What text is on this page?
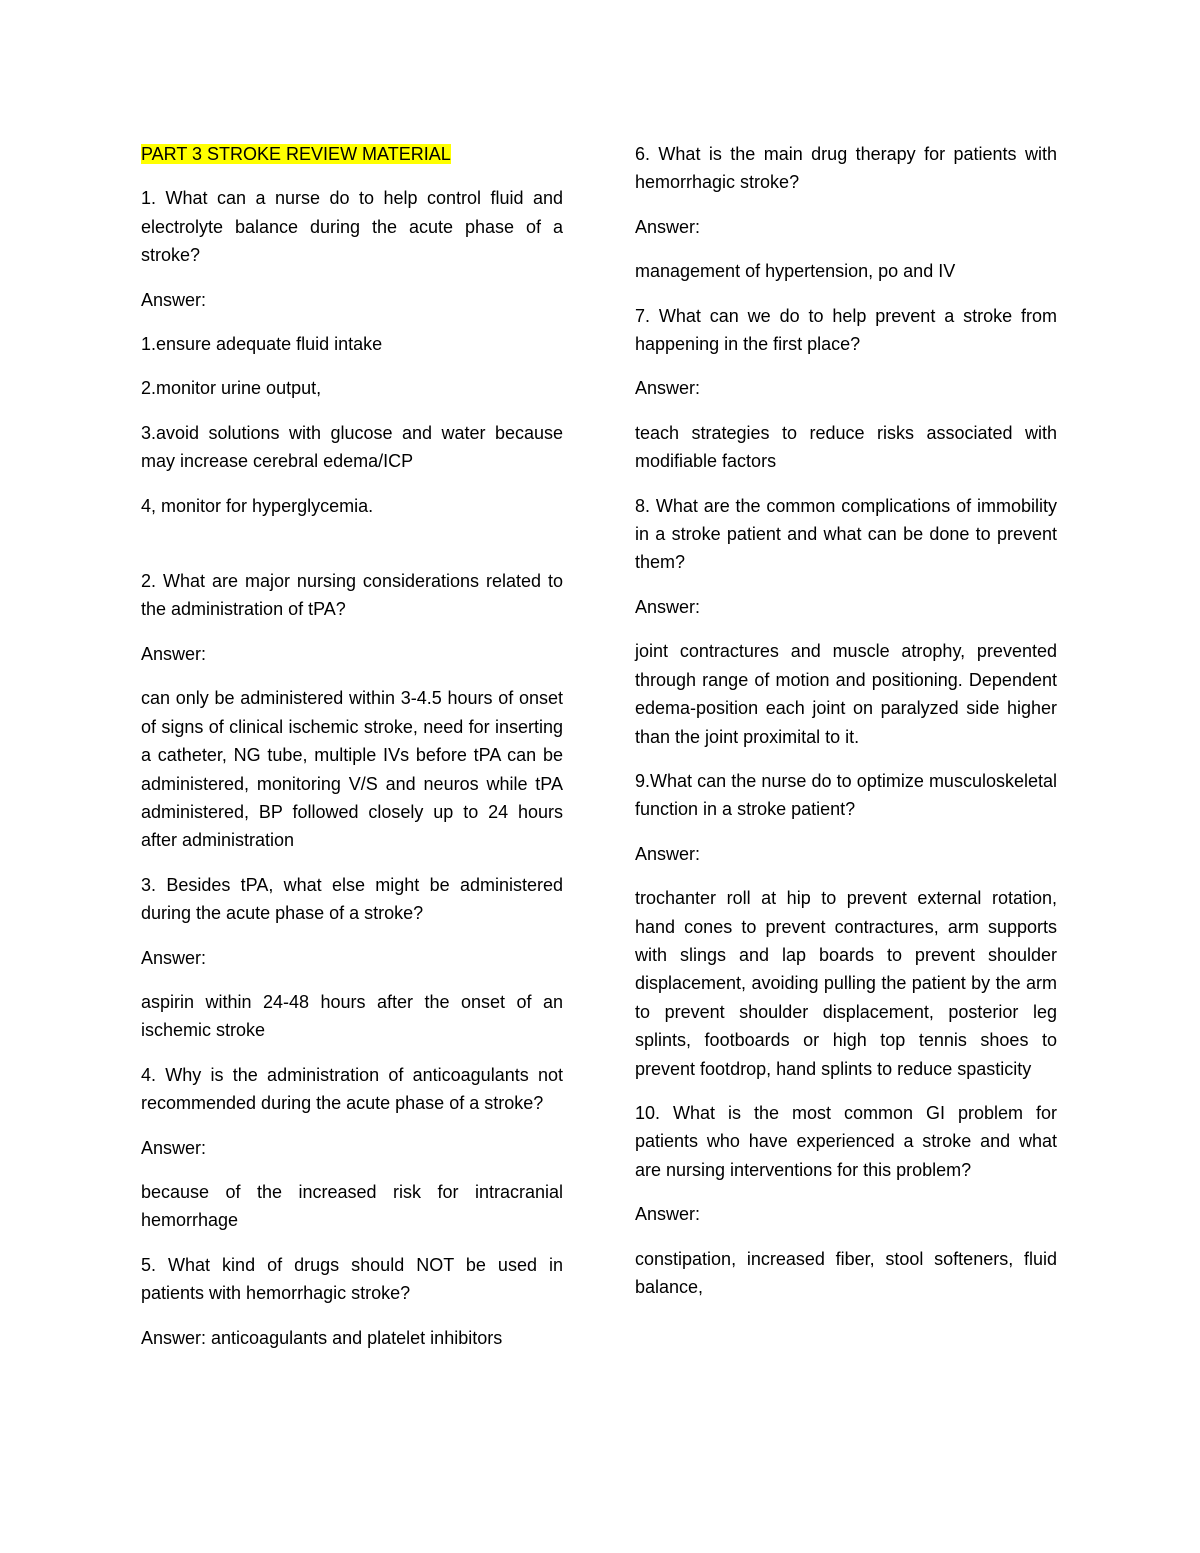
PART 3 STROKE REVIEW MATERIAL

1. What can a nurse do to help control fluid and electrolyte balance during the acute phase of a stroke?

Answer:

1.ensure adequate fluid intake

2.monitor urine output,

3.avoid solutions with glucose and water because may increase cerebral edema/ICP

4, monitor for hyperglycemia.

2. What are major nursing considerations related to the administration of tPA?

Answer:

can only be administered within 3-4.5 hours of onset of signs of clinical ischemic stroke, need for inserting a catheter, NG tube, multiple IVs before tPA can be administered, monitoring V/S and neuros while tPA administered, BP followed closely up to 24 hours after administration

3. Besides tPA, what else might be administered during the acute phase of a stroke?

Answer:

aspirin within 24-48 hours after the onset of an ischemic stroke

4. Why is the administration of anticoagulants not recommended during the acute phase of a stroke?

Answer:

because of the increased risk for intracranial hemorrhage

5. What kind of drugs should NOT be used in patients with hemorrhagic stroke?

Answer: anticoagulants and platelet inhibitors

6. What is the main drug therapy for patients with hemorrhagic stroke?

Answer:

management of hypertension, po and IV

7. What can we do to help prevent a stroke from happening in the first place?

Answer:

teach strategies to reduce risks associated with modifiable factors

8. What are the common complications of immobility in a stroke patient and what can be done to prevent them?

Answer:

joint contractures and muscle atrophy, prevented through range of motion and positioning. Dependent edema-position each joint on paralyzed side higher than the joint proximital to it.

9.What can the nurse do to optimize musculoskeletal function in a stroke patient?

Answer:

trochanter roll at hip to prevent external rotation, hand cones to prevent contractures, arm supports with slings and lap boards to prevent shoulder displacement, avoiding pulling the patient by the arm to prevent shoulder displacement, posterior leg splints, footboards or high top tennis shoes to prevent footdrop, hand splints to reduce spasticity

10. What is the most common GI problem for patients who have experienced a stroke and what are nursing interventions for this problem?

Answer:

constipation, increased fiber, stool softeners, fluid balance,
